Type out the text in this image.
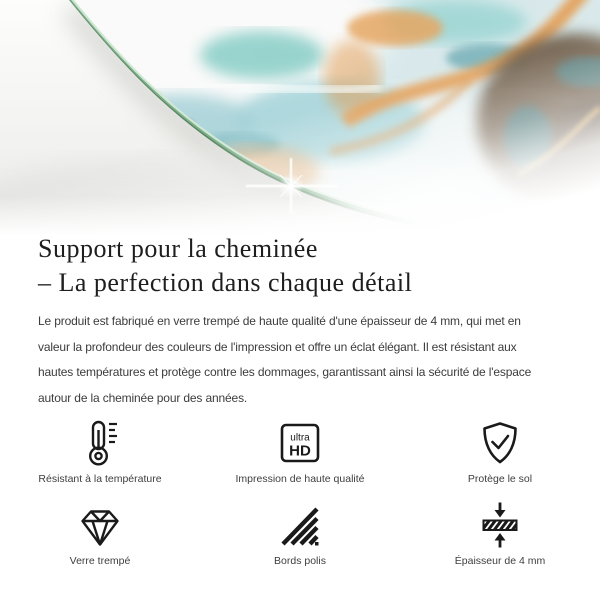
Support pour la cheminée
– La perfection dans chaque détail

Le produit est fabriqué en verre trempé de haute qualité d'une épaisseur de 4 mm, qui met en
valeur la profondeur des couleurs de l'impression et offre un éclat élégant. Il est résistant aux
hautes températures et protège contre les dommages, garantissant ainsi la sécurité de l'espace
autour de la cheminée pour des années.

Résistant à la température
ultra
HD
Impression de haute qualité	Protège le sol
Verre trempé	Bords polis	Épaisseur de 4 mm
